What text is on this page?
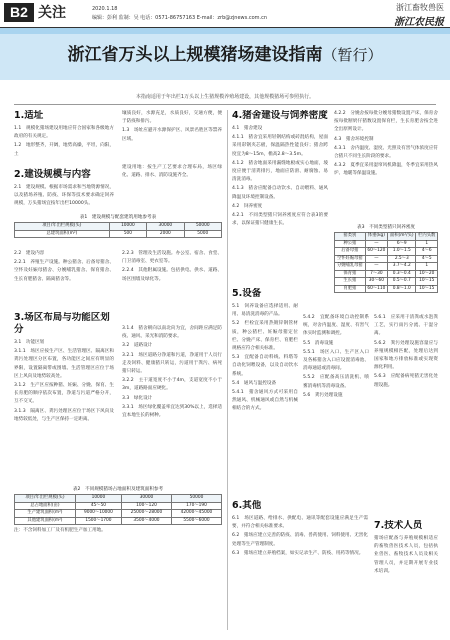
B2 关注	2020.1.18
编辑：彭利 监制：吴 电话：0571-86757163 E-mail：zrb@zjnews.com.cn
浙江畜牧兽医
浙江农民报
浙江省万头以上规模猪场建设指南（暂行）
本指南适用于年出栏1万头以上生猪规模养殖场建设，其他规模猪场可参照执行。
1.适址

1.1　规模化猪场建设用地应符合国家和各级地方政府的有关规定。

1.2　地形整齐，开阔，地势高燥，平坦，向阳，土

2.建设规模与内容

2.1　建设规模。根据市场需求和当地资源情况，以及猪场养殖、防疫、环保等技术要求确定饲养规模，万头猪场宜按年出栏10000头。

壤质良好，水源充足，水质良好，交通方便，便于防疫和排污。

1.3　场址应避开水源保护区、风景名胜区等禁养区域。

建设用地：按生产工艺要求合理布局，场区绿化、道路、排水、消防设施齐全。

表1　建设规模与配套建筑用地参考表
项目/年出栏规模(头)	10000	30000	50000
总建筑面积(m²)	500	2000	5000

2.2　建设内容

2.2.1　养殖生产设施。种公猪舍、后备母猪舍、空怀及妊娠母猪舍、分娩哺乳猪舍、保育猪舍、生长育肥猪舍、隔离猪舍等。

2.2.3　管理及生活设施。办公室、宿舍、食堂、门卫消毒室、更衣室等。

2.2.4　其他附属设施。包括供电、供水、道路、场区围墙及绿化等。

3.场区布局与功能区划分

3.1　功能区划

3.1.1　场区应按生产区、生活管理区、隔离区和粪污处理区分区布置，各功能区之间应有明显的界限，设置隔离带或围墙。生活管理区应位于场区上风向及地势较高处。

3.1.2　生产区应按种猪、妊娠、分娩、保育、生长育肥的顺序依次布置，净道与污道严格分开，互不交叉。

3.1.3　隔离区、粪污处理区应位于场区下风向及地势较低处，与生产区保持一定距离。

3.1.4　猪舍朝向以南北向为宜，舍间距应满足防疫、通风、采光和消防要求。

3.2　道路设计

3.2.1　场区道路分净道和污道，净道用于人员行走及饲料、健康猪只转运，污道用于粪污、病死猪只转运。

3.2.2　主干道宽度不小于4m，支道宽度不小于3m，道路路面应硬化。

3.3　绿化设计

3.3.1　场区绿化覆盖率宜达到30%以上，选择适宜本地生长的树种。

表2　不同规模猪场占地面积及建筑面积参考
项目/年出栏规模(头)	10000	30000	50000
总占地面积(亩)	45～50	100～120	170～190
生产建筑面积(m²)	9000～10000	25000～28000	42000～45000
其他建筑面积(m²)	1500～1700	3500～4000	5500～6000
注：不含饲料加工厂及有机肥生产加工用地。
4.猪舍建设与饲养密度

4.1　猪舍建设

4.1.1　猪舍宜采用轻钢结构或砖混结构，屋面采用彩钢夹芯板，保温隔热性能良好；猪舍跨度宜为8～15m，檐高2.8～3.5m。

4.1.2　猪舍地面采用漏缝地板或实心地面，坡度应便于清粪排污，地面应防滑、耐腐蚀、易清洗消毒。

4.1.3　猪舍应配备自动饮水、自动喂料、通风降温及环境控制设备。

4.2　饲养密度

4.2.1　不同类型猪只饲养密度应符合表3的要求，以保证猪只健康生长。

4.2.2　分娩舍按每批分娩母猪数设置产床，保育舍按每批断奶仔猪数设置保育栏，生长育肥舍按全进全出原则设计。

4.3　猪舍环境控制

4.3.1　舍内温度、湿度、光照及有害气体浓度应符合猪只不同生长阶段的要求。

4.3.2　夏季宜采用湿帘风机降温，冬季宜采用热风炉、地暖等保温设施。

表3　不同类型猪只饲养密度
猪类别	体重(kg)	面积(m²/头)	栏内头数
种公猪	—	6～9	1
后备母猪	60～120	1.0～1.5	4～6
空怀妊娠母猪	—	2.5～3	4～5
分娩哺乳母猪	—	3.7～4.2	1
保育猪	7～30	0.3～0.4	10～20
生长猪	30～60	0.5～0.7	10～15
育肥猪	60～110	0.8～1.0	10～15
5.设备

5.1　饲养设备应选择适用、耐用、易清洗消毒的产品。

5.2　栏栓宜采用热镀锌钢管材质，种公猪栏、妊娠母猪定位栏、分娩产床、保育栏、育肥栏规格应符合相关标准。

5.3　宜配备自动料线、料塔等自动化饲喂设备，以及自动饮水系统。

5.4　通风与温控设备

5.4.1　猪舍通风方式可采用自然通风、机械通风或自然与机械相结合的方式。

5.4.2　宜配备环境自动控制系统，对舍内温度、湿度、有害气体实时监测和调控。

5.5　消毒设施

5.5.1　场区入口、生产区入口及各栋猪舍入口应设置消毒池、消毒通道或消毒间。

5.5.2　应配备高压清洗机、喷雾消毒机等消毒设备。

5.6　粪污处理设施

5.6.1　应采用干清粪或水泡粪工艺，实行雨污分流、干湿分离。

5.6.2　粪污处理设施容量应与养殖规模相匹配，处理后达到国家和地方排放标准或实现资源化利用。

5.6.3　应配备病死猪无害化处理设施。

6.其他

6.1　场区道路、给排水、供配电、通讯等配套设施应满足生产需要，并符合相关标准要求。

6.2　猪场应建立完善的防疫、消毒、兽药使用、饲料使用、无害化处理等生产管理制度。

6.3　猪场应建立养殖档案，如实记录生产、防疫、用药等情况。

7.技术人员

猪场应配备与养殖规模相适应的畜牧兽医技术人员，包括执业兽医、畜牧技术人员及相关管理人员，并定期开展专业技术培训。
